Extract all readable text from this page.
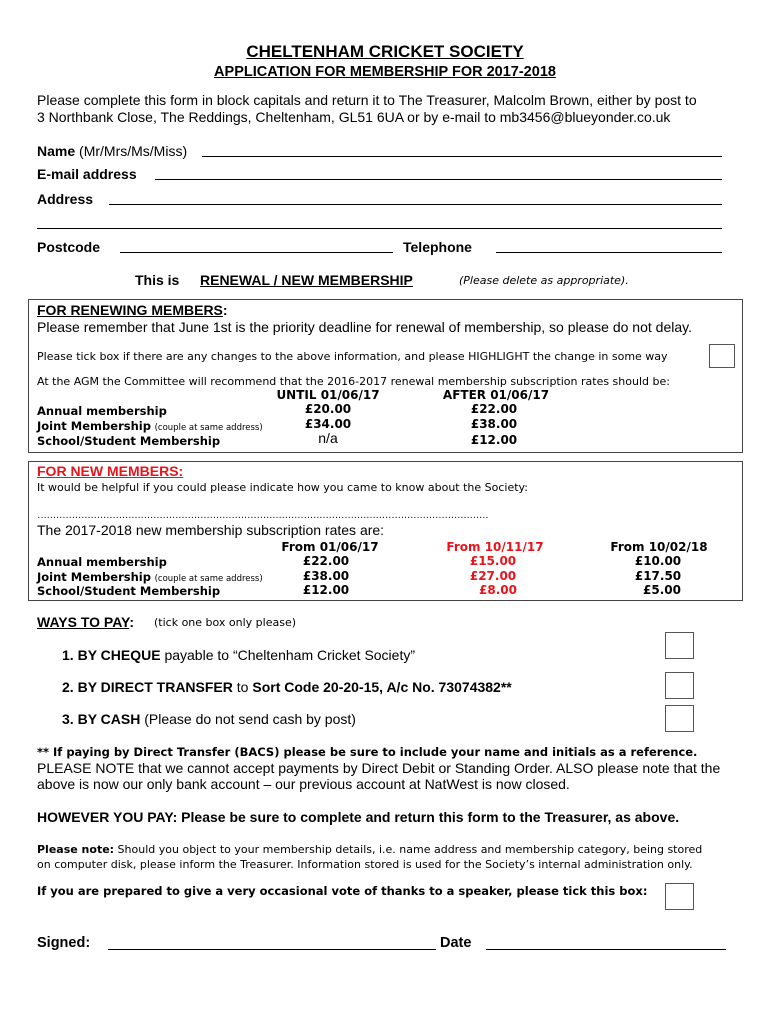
CHELTENHAM CRICKET SOCIETY
APPLICATION FOR MEMBERSHIP FOR 2017-2018
Please complete this form in block capitals and return it to The Treasurer, Malcolm Brown, either by post to
3 Northbank Close, The Reddings, Cheltenham, GL51 6UA or by e-mail to mb3456@blueyonder.co.uk
Name (Mr/Mrs/Ms/Miss)
E-mail address
Address
Postcode	Telephone
This is RENEWAL / NEW MEMBERSHIP	(Please delete as appropriate).
FOR RENEWING MEMBERS:
Please remember that June 1st is the priority deadline for renewal of membership, so please do not delay.
Please tick box if there are any changes to the above information, and please HIGHLIGHT the change in some way
At the AGM the Committee will recommend that the 2016-2017 renewal membership subscription rates should be:
UNTIL 01/06/17	AFTER 01/06/17
Annual membership	£20.00	£22.00
Joint Membership (couple at same address)	£34.00	£38.00
School/Student Membership	n/a	£12.00
FOR NEW MEMBERS:
It would be helpful if you could please indicate how you came to know about the Society:
………………………………………………………………………………………………………………………………
The 2017-2018 new membership subscription rates are:
From 01/06/17	From 10/11/17	From 10/02/18
Annual membership	£22.00	£15.00	£10.00
Joint Membership (couple at same address)	£38.00	£27.00	£17.50
School/Student Membership	£12.00	£8.00	£5.00
WAYS TO PAY: (tick one box only please)
1. BY CHEQUE payable to “Cheltenham Cricket Society”
2. BY DIRECT TRANSFER to Sort Code 20-20-15, A/c No. 73074382**
3. BY CASH (Please do not send cash by post)
** If paying by Direct Transfer (BACS) please be sure to include your name and initials as a reference.
PLEASE NOTE that we cannot accept payments by Direct Debit or Standing Order. ALSO please note that the
above is now our only bank account – our previous account at NatWest is now closed.
HOWEVER YOU PAY: Please be sure to complete and return this form to the Treasurer, as above.
Please note: Should you object to your membership details, i.e. name address and membership category, being stored
on computer disk, please inform the Treasurer. Information stored is used for the Society’s internal administration only.
If you are prepared to give a very occasional vote of thanks to a speaker, please tick this box:
Signed:	Date
